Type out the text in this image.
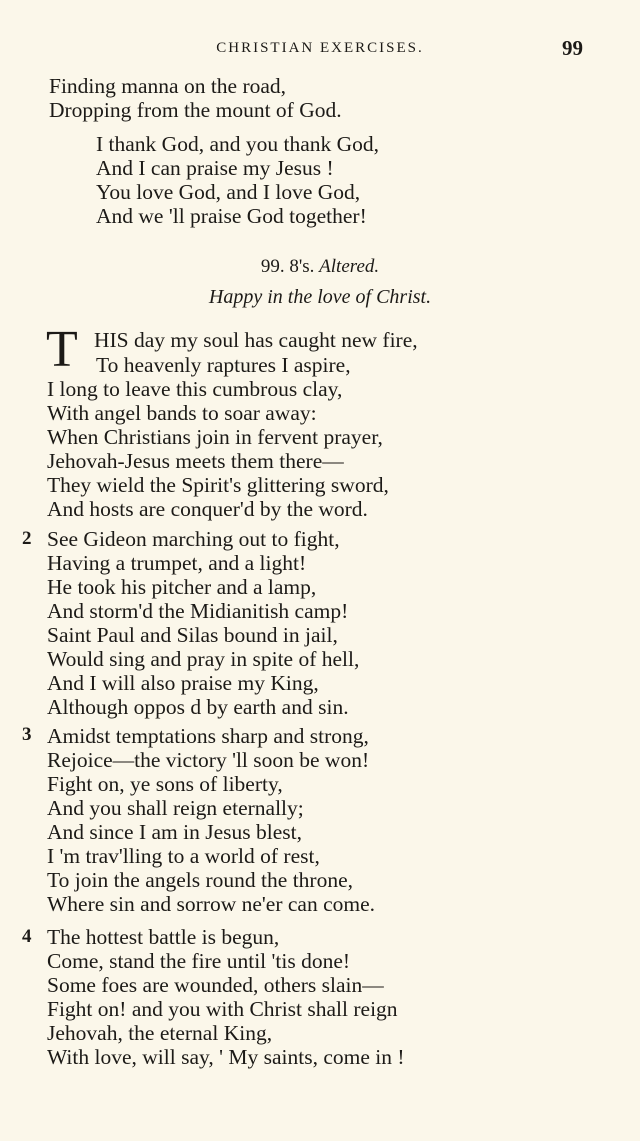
CHRISTIAN EXERCISES.	99
Finding manna on the road,
Dropping from the mount of God.
I thank God, and you thank God,
And I can praise my Jesus !
You love God, and I love God,
And we 'll praise God together!
99. 8's. Altered.
Happy in the love of Christ.
T HIS day my soul has caught new fire,
To heavenly raptures I aspire,
I long to leave this cumbrous clay,
With angel bands to soar away:
When Christians join in fervent prayer,
Jehovah-Jesus meets them there—
They wield the Spirit's glittering sword,
And hosts are conquer'd by the word.
2 See Gideon marching out to fight,
Having a trumpet, and a light!
He took his pitcher and a lamp,
And storm'd the Midianitish camp!
Saint Paul and Silas bound in jail,
Would sing and pray in spite of hell,
And I will also praise my King,
Although oppos d by earth and sin.
3 Amidst temptations sharp and strong,
Rejoice—the victory 'll soon be won!
Fight on, ye sons of liberty,
And you shall reign eternally;
And since I am in Jesus blest,
I 'm trav'lling to a world of rest,
To join the angels round the throne,
Where sin and sorrow ne'er can come.
4 The hottest battle is begun,
Come, stand the fire until 'tis done!
Some foes are wounded, others slain—
Fight on! and you with Christ shall reign
Jehovah, the eternal King,
With love, will say, ' My saints, come in !
